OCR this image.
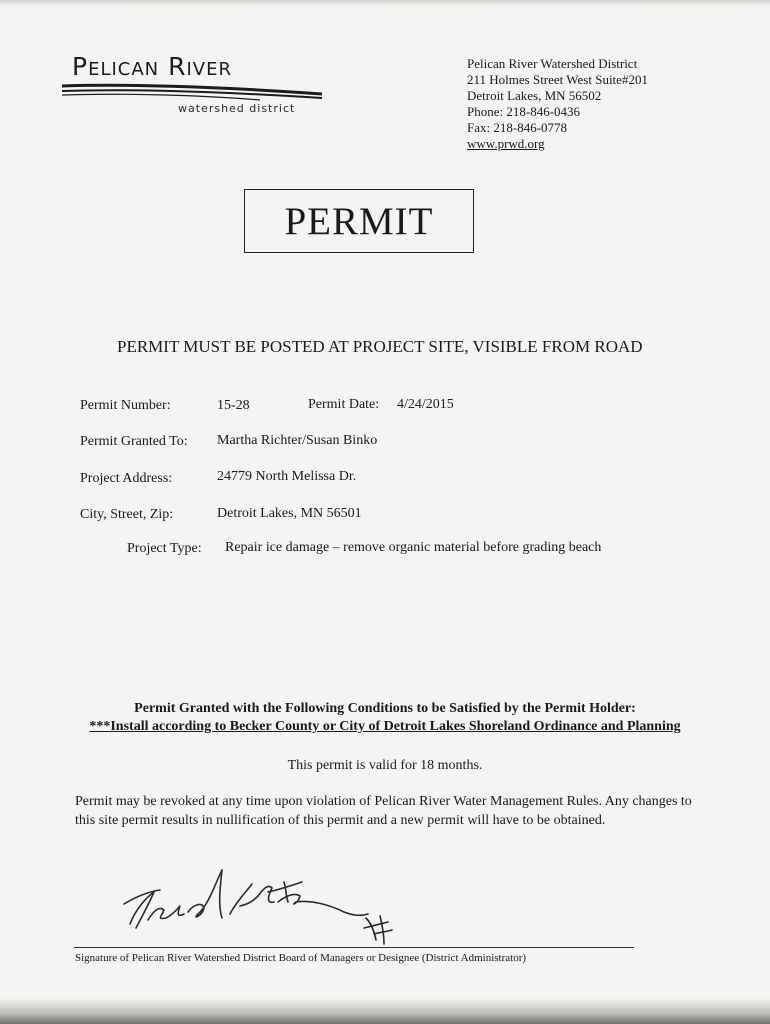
Pelican River
watershed district
Pelican River Watershed District
211 Holmes Street West Suite#201
Detroit Lakes, MN 56502
Phone: 218-846-0436
Fax: 218-846-0778
www.prwd.org
PERMIT
PERMIT MUST BE POSTED AT PROJECT SITE, VISIBLE FROM ROAD
Permit Number:	15-28	Permit Date: 4/24/2015
Permit Granted To: Martha Richter/Susan Binko
Project Address:	24779 North Melissa Dr.
City, Street, Zip:	Detroit Lakes, MN 56501
Project Type: Repair ice damage – remove organic material before grading beach
Permit Granted with the Following Conditions to be Satisfied by the Permit Holder:
***Install according to Becker County or City of Detroit Lakes Shoreland Ordinance and Planning
This permit is valid for 18 months.
Permit may be revoked at any time upon violation of Pelican River Water Management Rules. Any changes to this site permit results in nullification of this permit and a new permit will have to be obtained.
Signature of Pelican River Watershed District Board of Managers or Designee (District Administrator)
